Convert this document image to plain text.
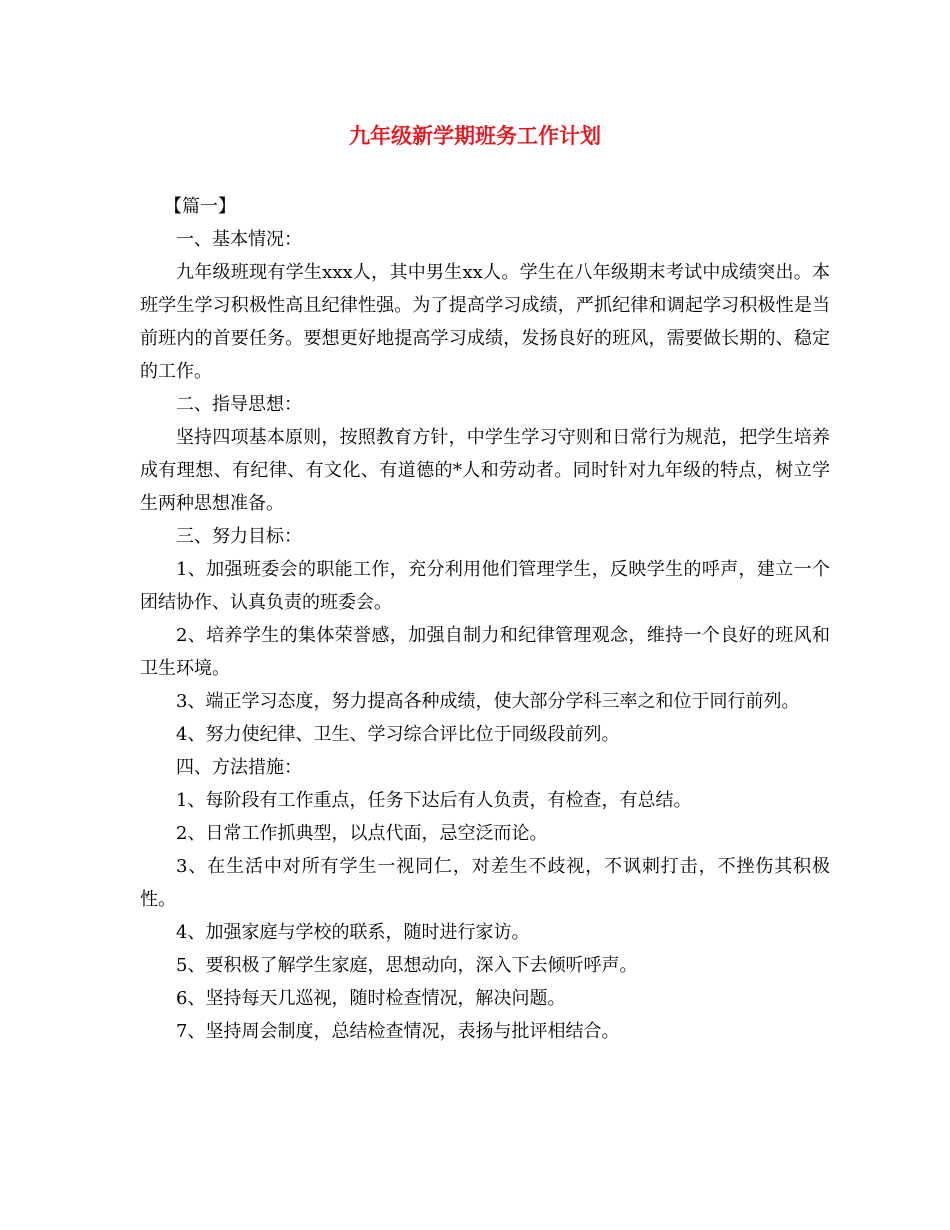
九年级新学期班务工作计划

【篇一】

一、基本情况：

九年级班现有学生xxx人，其中男生xx人。学生在八年级期末考试中成绩突出。本班学生学习积极性高且纪律性强。为了提高学习成绩，严抓纪律和调起学习积极性是当前班内的首要任务。要想更好地提高学习成绩，发扬良好的班风，需要做长期的、稳定的工作。

二、指导思想：

坚持四项基本原则，按照教育方针，中学生学习守则和日常行为规范，把学生培养成有理想、有纪律、有文化、有道德的*人和劳动者。同时针对九年级的特点，树立学生两种思想准备。

三、努力目标：

1、加强班委会的职能工作，充分利用他们管理学生，反映学生的呼声，建立一个团结协作、认真负责的班委会。

2、培养学生的集体荣誉感，加强自制力和纪律管理观念，维持一个良好的班风和卫生环境。

3、端正学习态度，努力提高各种成绩，使大部分学科三率之和位于同行前列。

4、努力使纪律、卫生、学习综合评比位于同级段前列。

四、方法措施：

1、每阶段有工作重点，任务下达后有人负责，有检查，有总结。

2、日常工作抓典型，以点代面，忌空泛而论。

3、在生活中对所有学生一视同仁，对差生不歧视，不讽刺打击，不挫伤其积极性。

4、加强家庭与学校的联系，随时进行家访。

5、要积极了解学生家庭，思想动向，深入下去倾听呼声。

6、坚持每天几巡视，随时检查情况，解决问题。

7、坚持周会制度，总结检查情况，表扬与批评相结合。
